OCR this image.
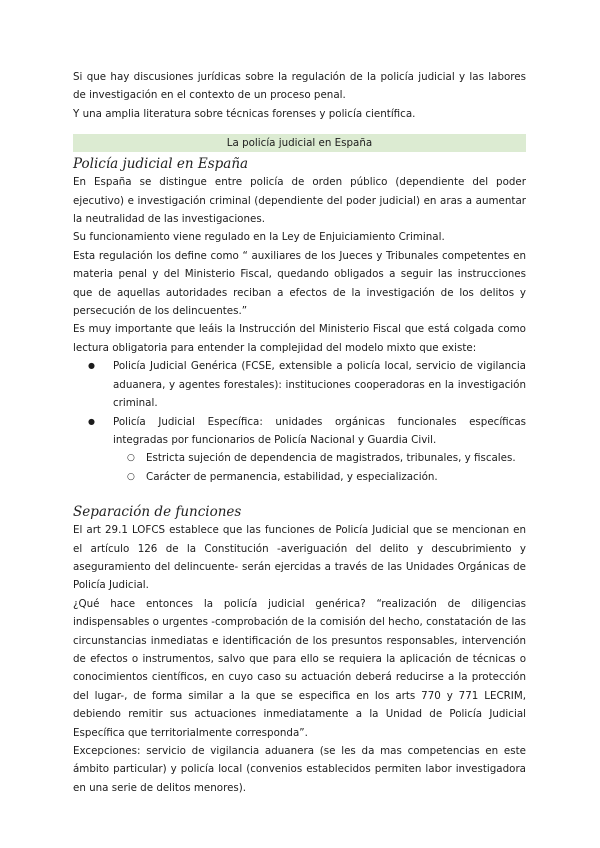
Si que hay discusiones jurídicas sobre la regulación de la policía judicial y las labores de investigación en el contexto de un proceso penal.

Y una amplia literatura sobre técnicas forenses y policía científica.

La policía judicial en España
Policía judicial en España

En España se distingue entre policía de orden público (dependiente del poder ejecutivo) e investigación criminal (dependiente del poder judicial) en aras a aumentar la neutralidad de las investigaciones.

Su funcionamiento viene regulado en la Ley de Enjuiciamiento Criminal.

Esta regulación los define como “ auxiliares de los Jueces y Tribunales competentes en materia penal y del Ministerio Fiscal, quedando obligados a seguir las instrucciones que de aquellas autoridades reciban a efectos de la investigación de los delitos y persecución de los delincuentes.”

Es muy importante que leáis la Instrucción del Ministerio Fiscal que está colgada como lectura obligatoria para entender la complejidad del modelo mixto que existe:

● Policía Judicial Genérica (FCSE, extensible a policía local, servicio de vigilancia aduanera, y agentes forestales): instituciones cooperadoras en la investigación criminal.
● Policía Judicial Específica: unidades orgánicas funcionales específicas integradas por funcionarios de Policía Nacional y Guardia Civil.
○ Estricta sujeción de dependencia de magistrados, tribunales, y fiscales.
○ Carácter de permanencia, estabilidad, y especialización.
Separación de funciones

El art 29.1 LOFCS establece que las funciones de Policía Judicial que se mencionan en el artículo 126 de la Constitución -averiguación del delito y descubrimiento y aseguramiento del delincuente- serán ejercidas a través de las Unidades Orgánicas de Policía Judicial.

¿Qué hace entonces la policía judicial genérica? “realización de diligencias indispensables o urgentes -comprobación de la comisión del hecho, constatación de las circunstancias inmediatas e identificación de los presuntos responsables, intervención de efectos o instrumentos, salvo que para ello se requiera la aplicación de técnicas o conocimientos científicos, en cuyo caso su actuación deberá reducirse a la protección del lugar-, de forma similar a la que se especifica en los arts 770 y 771 LECRIM, debiendo remitir sus actuaciones inmediatamente a la Unidad de Policía Judicial Específica que territorialmente corresponda”.

Excepciones: servicio de vigilancia aduanera (se les da mas competencias en este ámbito particular) y policía local (convenios establecidos permiten labor investigadora en una serie de delitos menores).
